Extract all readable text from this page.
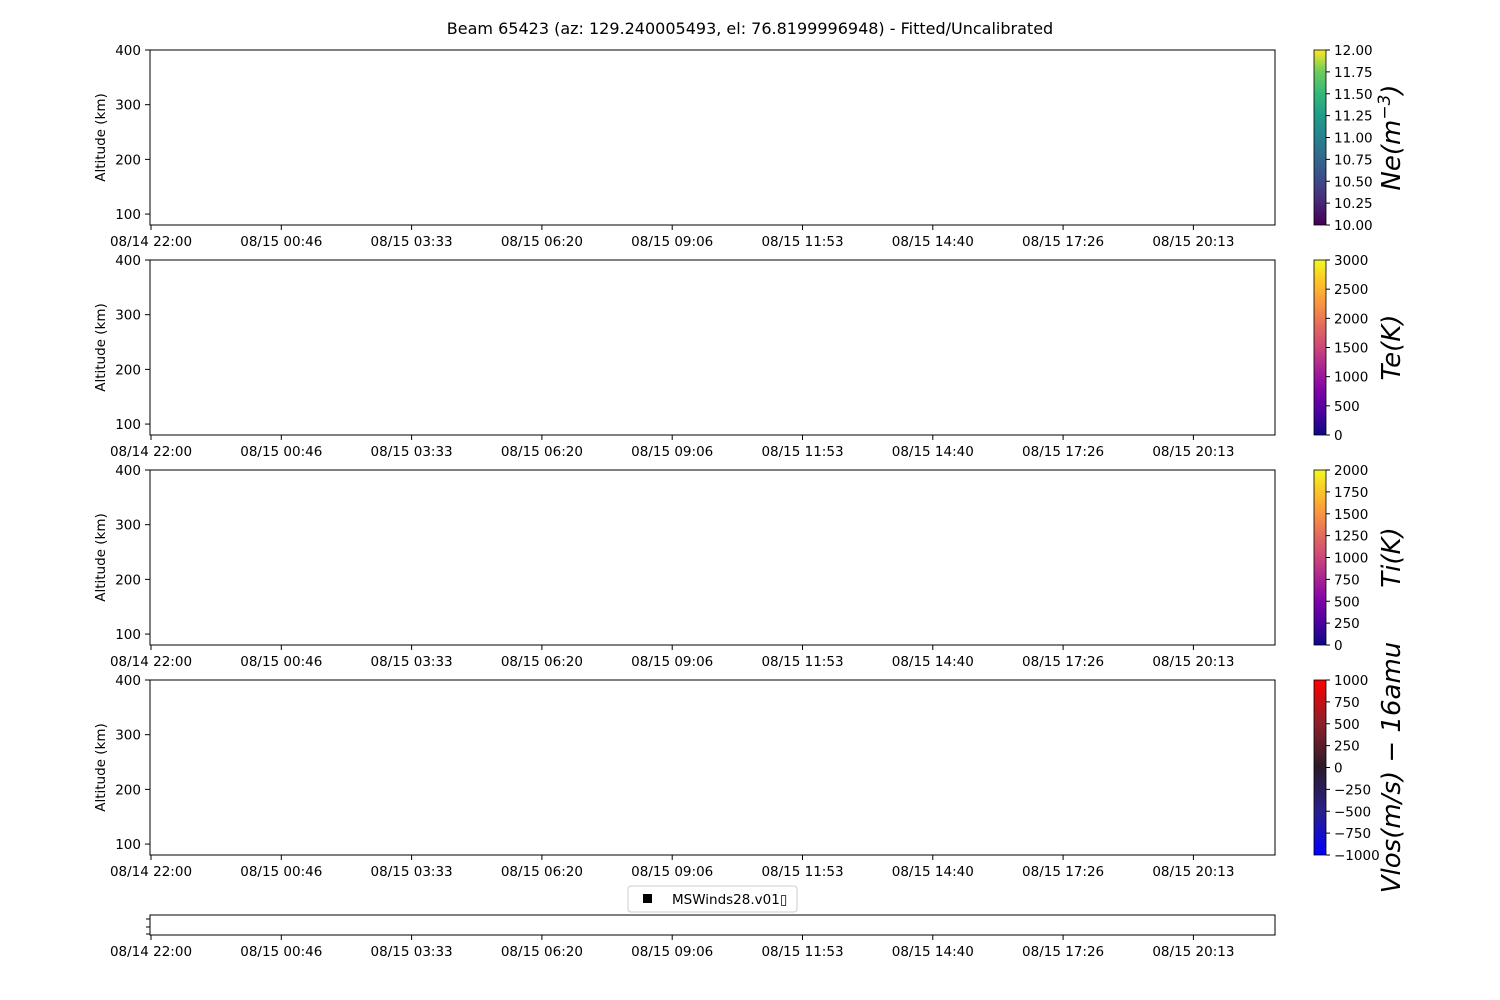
Beam 65423 (az: 129.240005493, el: 76.8199996948) - Fitted/Uncalibrated
100
200
300
400
Altitude (km)
08/14 22:00	08/15 00:46	08/15 03:33	08/15 06:20	08/15 09:06	08/15 11:53	08/15 14:40	08/15 17:26	08/15 20:13
10.00
10.25
10.50
10.75
11.00
11.25
11.50
11.75
12.00
$Ne(m^{-3})$
100
200
300
400
Altitude (km)
08/14 22:00	08/15 00:46	08/15 03:33	08/15 06:20	08/15 09:06	08/15 11:53	08/15 14:40	08/15 17:26	08/15 20:13
0
500
1000
1500
2000
2500
3000
Te(K)
100
200
300
400
Altitude (km)
08/14 22:00	08/15 00:46	08/15 03:33	08/15 06:20	08/15 09:06	08/15 11:53	08/15 14:40	08/15 17:26	08/15 20:13
0
250
500
750
1000
1250
1500
1750
2000
Ti(K)
100
200
300
400
Altitude (km)
08/14 22:00	08/15 00:46	08/15 03:33	08/15 06:20	08/15 09:06	08/15 11:53	08/15 14:40	08/15 17:26	08/15 20:13
−1000
−750
−500
−250
0
250
500
750
1000 Vlos(m/s) − 16amu
MSWinds28.v01▯
08/14 22:00	08/15 00:46	08/15 03:33	08/15 06:20	08/15 09:06	08/15 11:53	08/15 14:40	08/15 17:26	08/15 20:13
